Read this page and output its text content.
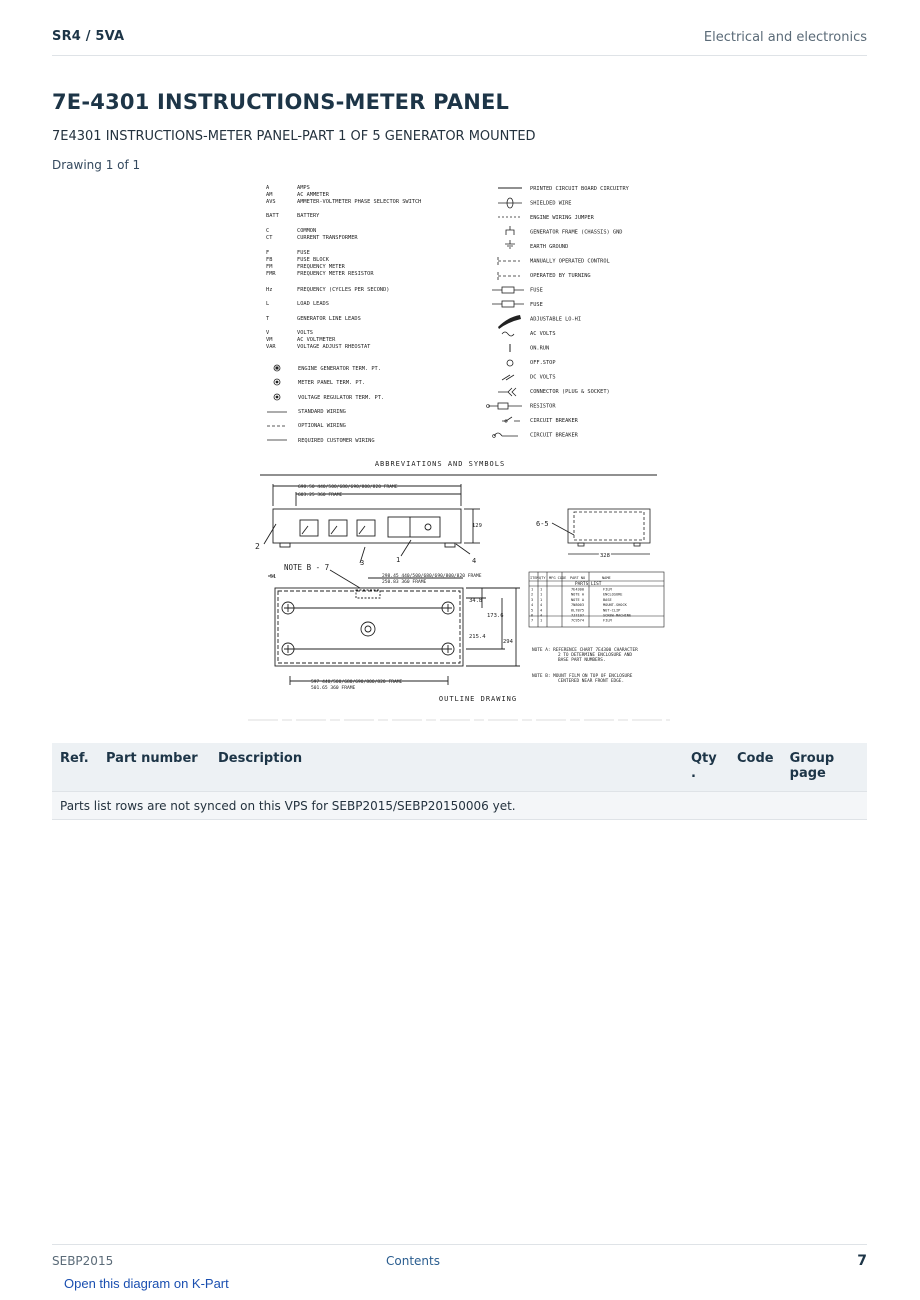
SR4 / 5VA	Electrical and electronics
7E-4301 INSTRUCTIONS-METER PANEL
7E4301 INSTRUCTIONS-METER PANEL-PART 1 OF 5 GENERATOR MOUNTED
Drawing 1 of 1
A	AMPS
AM	AC AMMETER
AVS	AMMETER-VOLTMETER PHASE SELECTOR SWITCH
BATT	BATTERY
C	COMMON
CT	CURRENT TRANSFORMER
F	FUSE
FB	FUSE BLOCK
FM	FREQUENCY METER
FMR	FREQUENCY METER RESISTOR
Hz	FREQUENCY (CYCLES PER SECOND)
L	LOAD LEADS
T	GENERATOR LINE LEADS
V	VOLTS
VM	AC VOLTMETER
VAR	VOLTAGE ADJUST RHEOSTAT
ENGINE GENERATOR TERM. PT.
METER PANEL TERM. PT.
VOLTAGE REGULATOR TERM. PT.
STANDARD WIRING
OPTIONAL WIRING
REQUIRED CUSTOMER WIRING
PRINTED CIRCUIT BOARD CIRCUITRY
SHIELDED WIRE
ENGINE WIRING JUMPER
GENERATOR FRAME (CHASSIS) GND
EARTH GROUND
MANUALLY OPERATED CONTROL
OPERATED BY TURNING
FUSE
FUSE
ADJUSTABLE LO-HI
AC VOLTS
ON.RUN
OFF.STOP
DC VOLTS
CONNECTOR (PLUG & SOCKET)
RESISTOR
CIRCUIT BREAKER
CIRCUIT BREAKER
ABBREVIATIONS AND SYMBOLS
698.50 440/500/680/690/800/820 FRAME
603.25 360 FRAME
129
2
3	1	4
6-5
328
51
NOTE B - 7
298.45 440/500/680/690/800/820 FRAME
250.83 360 FRAME
34.8
173.6
215.4
294
597 440/500/680/690/800/820 FRAME
501.65 360 FRAME
ITEM QTY MFG CODE PART NO	NAME
PARTS LIST
1 1	7E4300	FILM
2 1	NOTE A	ENCLOSURE
3 1	NOTE A	BASE
4 4	7N8003	MOUNT-SHOCK
5 4	6L7875	NUT-CLIP
6 4	7J7197	SCREW-MACHINE
7 1	7C9574	FILM
NOTE A: REFERENCE CHART 7E4300 CHARACTER
2 TO DETERMINE ENCLOSURE AND
BASE PART NUMBERS.
NOTE B: MOUNT FILM ON TOP OF ENCLOSURE
CENTERED NEAR FRONT EDGE.
OUTLINE DRAWING
Ref.	Part number	Description	Qty .	Code	Group page
Parts list rows are not synced on this VPS for SEBP2015/SEBP20150006 yet.
SEBP2015	Contents	7
Open this diagram on K-Part
